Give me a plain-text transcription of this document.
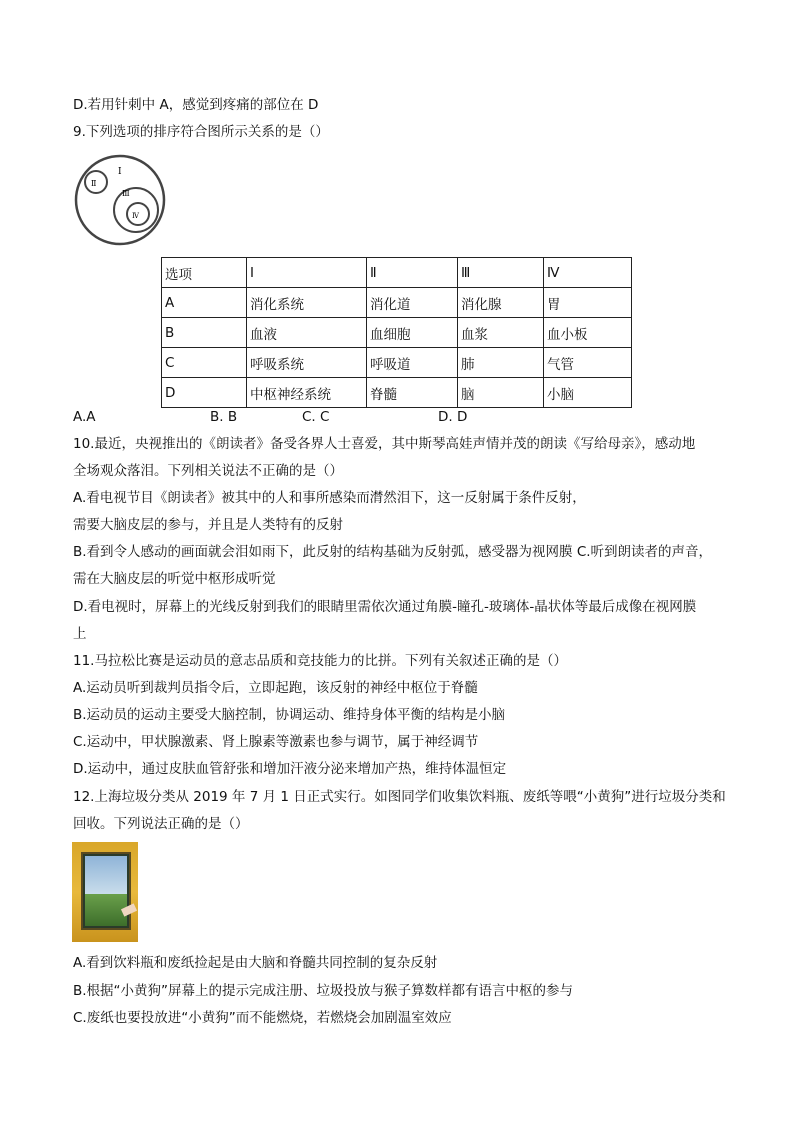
D.若用针刺中 A，感觉到疼痛的部位在 D
9.下列选项的排序符合图所示关系的是（）
Ⅰ
Ⅱ
Ⅲ
Ⅳ
选项	I	Ⅱ	Ⅲ	Ⅳ
A	消化系统	消化道	消化腺	胃
B	血液	血细胞	血浆	血小板
C	呼吸系统	呼吸道	肺	气管
D	中枢神经系统	脊髓	脑	小脑
A.A	B. B	C. C	D. D
10.最近，央视推出的《朗读者》备受各界人士喜爱，其中斯琴高娃声情并茂的朗读《写给母亲》，感动地
全场观众落泪。下列相关说法不正确的是（）
A.看电视节目《朗读者》被其中的人和事所感染而潸然泪下，这一反射属于条件反射，
需要大脑皮层的参与，并且是人类特有的反射
B.看到令人感动的画面就会泪如雨下，此反射的结构基础为反射弧，感受器为视网膜 C.听到朗读者的声音，
需在大脑皮层的听觉中枢形成听觉
D.看电视时，屏幕上的光线反射到我们的眼睛里需依次通过角膜-瞳孔-玻璃体-晶状体等最后成像在视网膜
上
11.马拉松比赛是运动员的意志品质和竞技能力的比拼。下列有关叙述正确的是（）
A.运动员听到裁判员指令后，立即起跑，该反射的神经中枢位于脊髓
B.运动员的运动主要受大脑控制，协调运动、维持身体平衡的结构是小脑
C.运动中，甲状腺激素、肾上腺素等激素也参与调节，属于神经调节
D.运动中，通过皮肤血管舒张和增加汗液分泌来增加产热，维持体温恒定
12.上海垃圾分类从 2019 年 7 月 1 日正式实行。如图同学们收集饮料瓶、废纸等喂“小黄狗”进行垃圾分类和
回收。下列说法正确的是（）
A.看到饮料瓶和废纸捡起是由大脑和脊髓共同控制的复杂反射
B.根据“小黄狗”屏幕上的提示完成注册、垃圾投放与猴子算数样都有语言中枢的参与
C.废纸也要投放进“小黄狗”而不能燃烧，若燃烧会加剧温室效应
